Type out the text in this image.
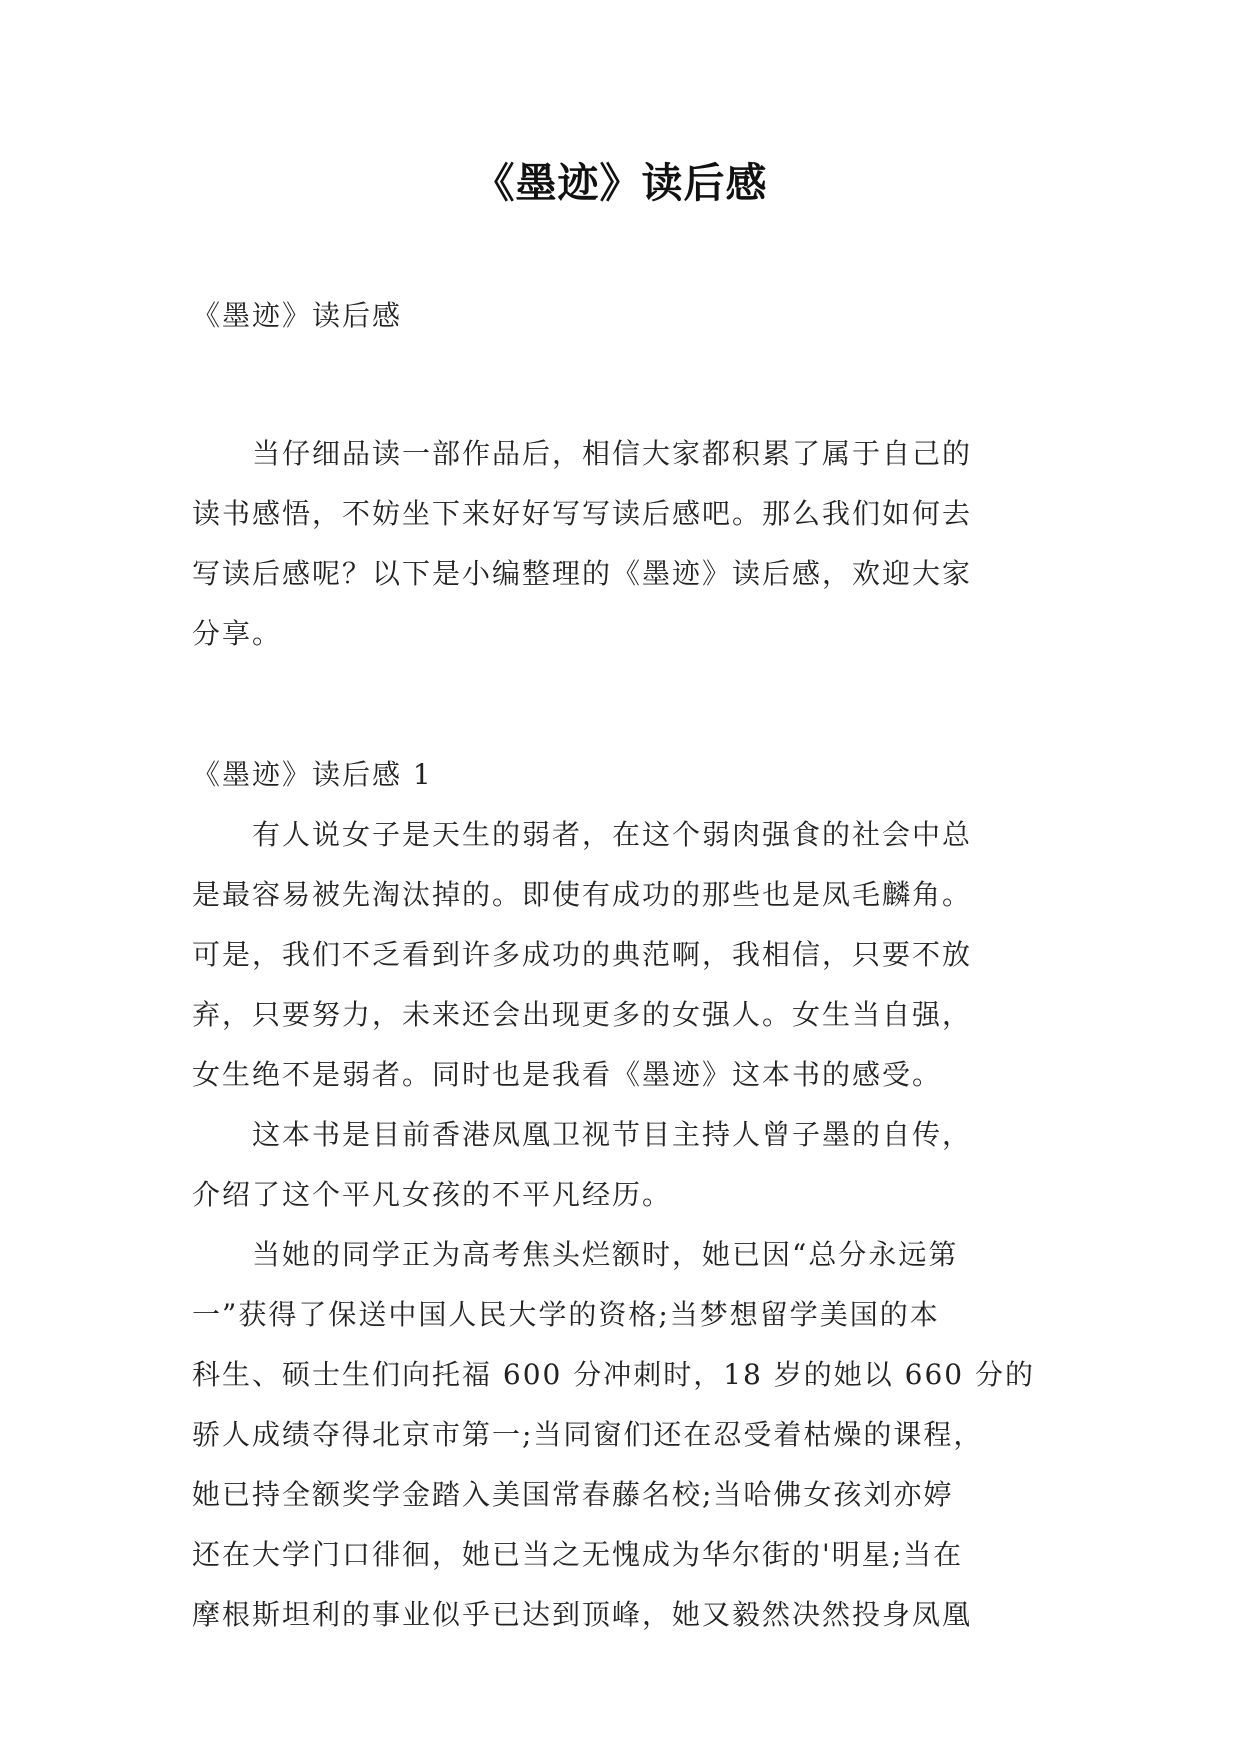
《墨迹》读后感
《墨迹》读后感
　　当仔细品读一部作品后，相信大家都积累了属于自己的
读书感悟，不妨坐下来好好写写读后感吧。那么我们如何去
写读后感呢？以下是小编整理的《墨迹》读后感，欢迎大家
分享。
《墨迹》读后感 1
　　有人说女子是天生的弱者，在这个弱肉强食的社会中总
是最容易被先淘汰掉的。即使有成功的那些也是凤毛麟角。
可是，我们不乏看到许多成功的典范啊，我相信，只要不放
弃，只要努力，未来还会出现更多的女强人。女生当自强，
女生绝不是弱者。同时也是我看《墨迹》这本书的感受。
　　这本书是目前香港凤凰卫视节目主持人曾子墨的自传，
介绍了这个平凡女孩的不平凡经历。
　　当她的同学正为高考焦头烂额时，她已因“总分永远第
一”获得了保送中国人民大学的资格;当梦想留学美国的本
科生、硕士生们向托福 600 分冲刺时，18 岁的她以 660 分的
骄人成绩夺得北京市第一;当同窗们还在忍受着枯燥的课程，
她已持全额奖学金踏入美国常春藤名校;当哈佛女孩刘亦婷
还在大学门口徘徊，她已当之无愧成为华尔街的'明星;当在
摩根斯坦利的事业似乎已达到顶峰，她又毅然决然投身凤凰
